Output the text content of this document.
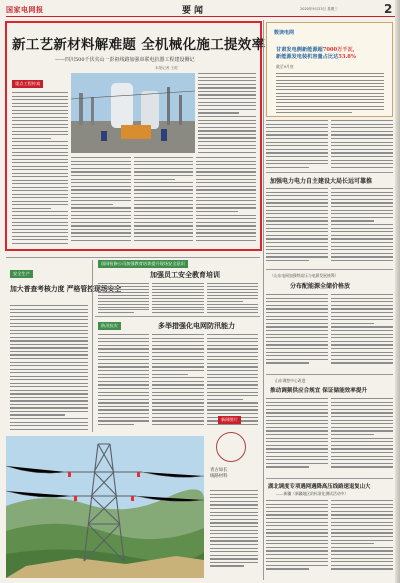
国家电网报	要闻	2020年9月23日 星期三	2
新工艺新材料解难题 全机械化施工提效率
——四川500千伏夹山一彭祖线路加强串联电抗器工程建设侧记
本报记者 王琨
重点工程传真
数读电网
甘肃发电侧新能源超7000万千瓦，
新能源发电装机容量占比达53.8%
截至9月底
加强电力电力自主建设大局长远可靠推
（山东电网加强特高压与电源发展统筹）
分布配能源全储价格放
山东调控中心改进
推动调频供应合规宜 保证储能效率提升
湖北调度专项遇网遇降高压线路速退复山大
——新疆（新疆地区的标准化测试活动中）
安全生产
加大普查考核力度 严格管控现场安全
国网检修公司加强教育培训提升现场安全意识
加强员工安全教育培训
防汛抗灾	多举措强化电网防汛能力
新闻图片
青古如长
线路材料
